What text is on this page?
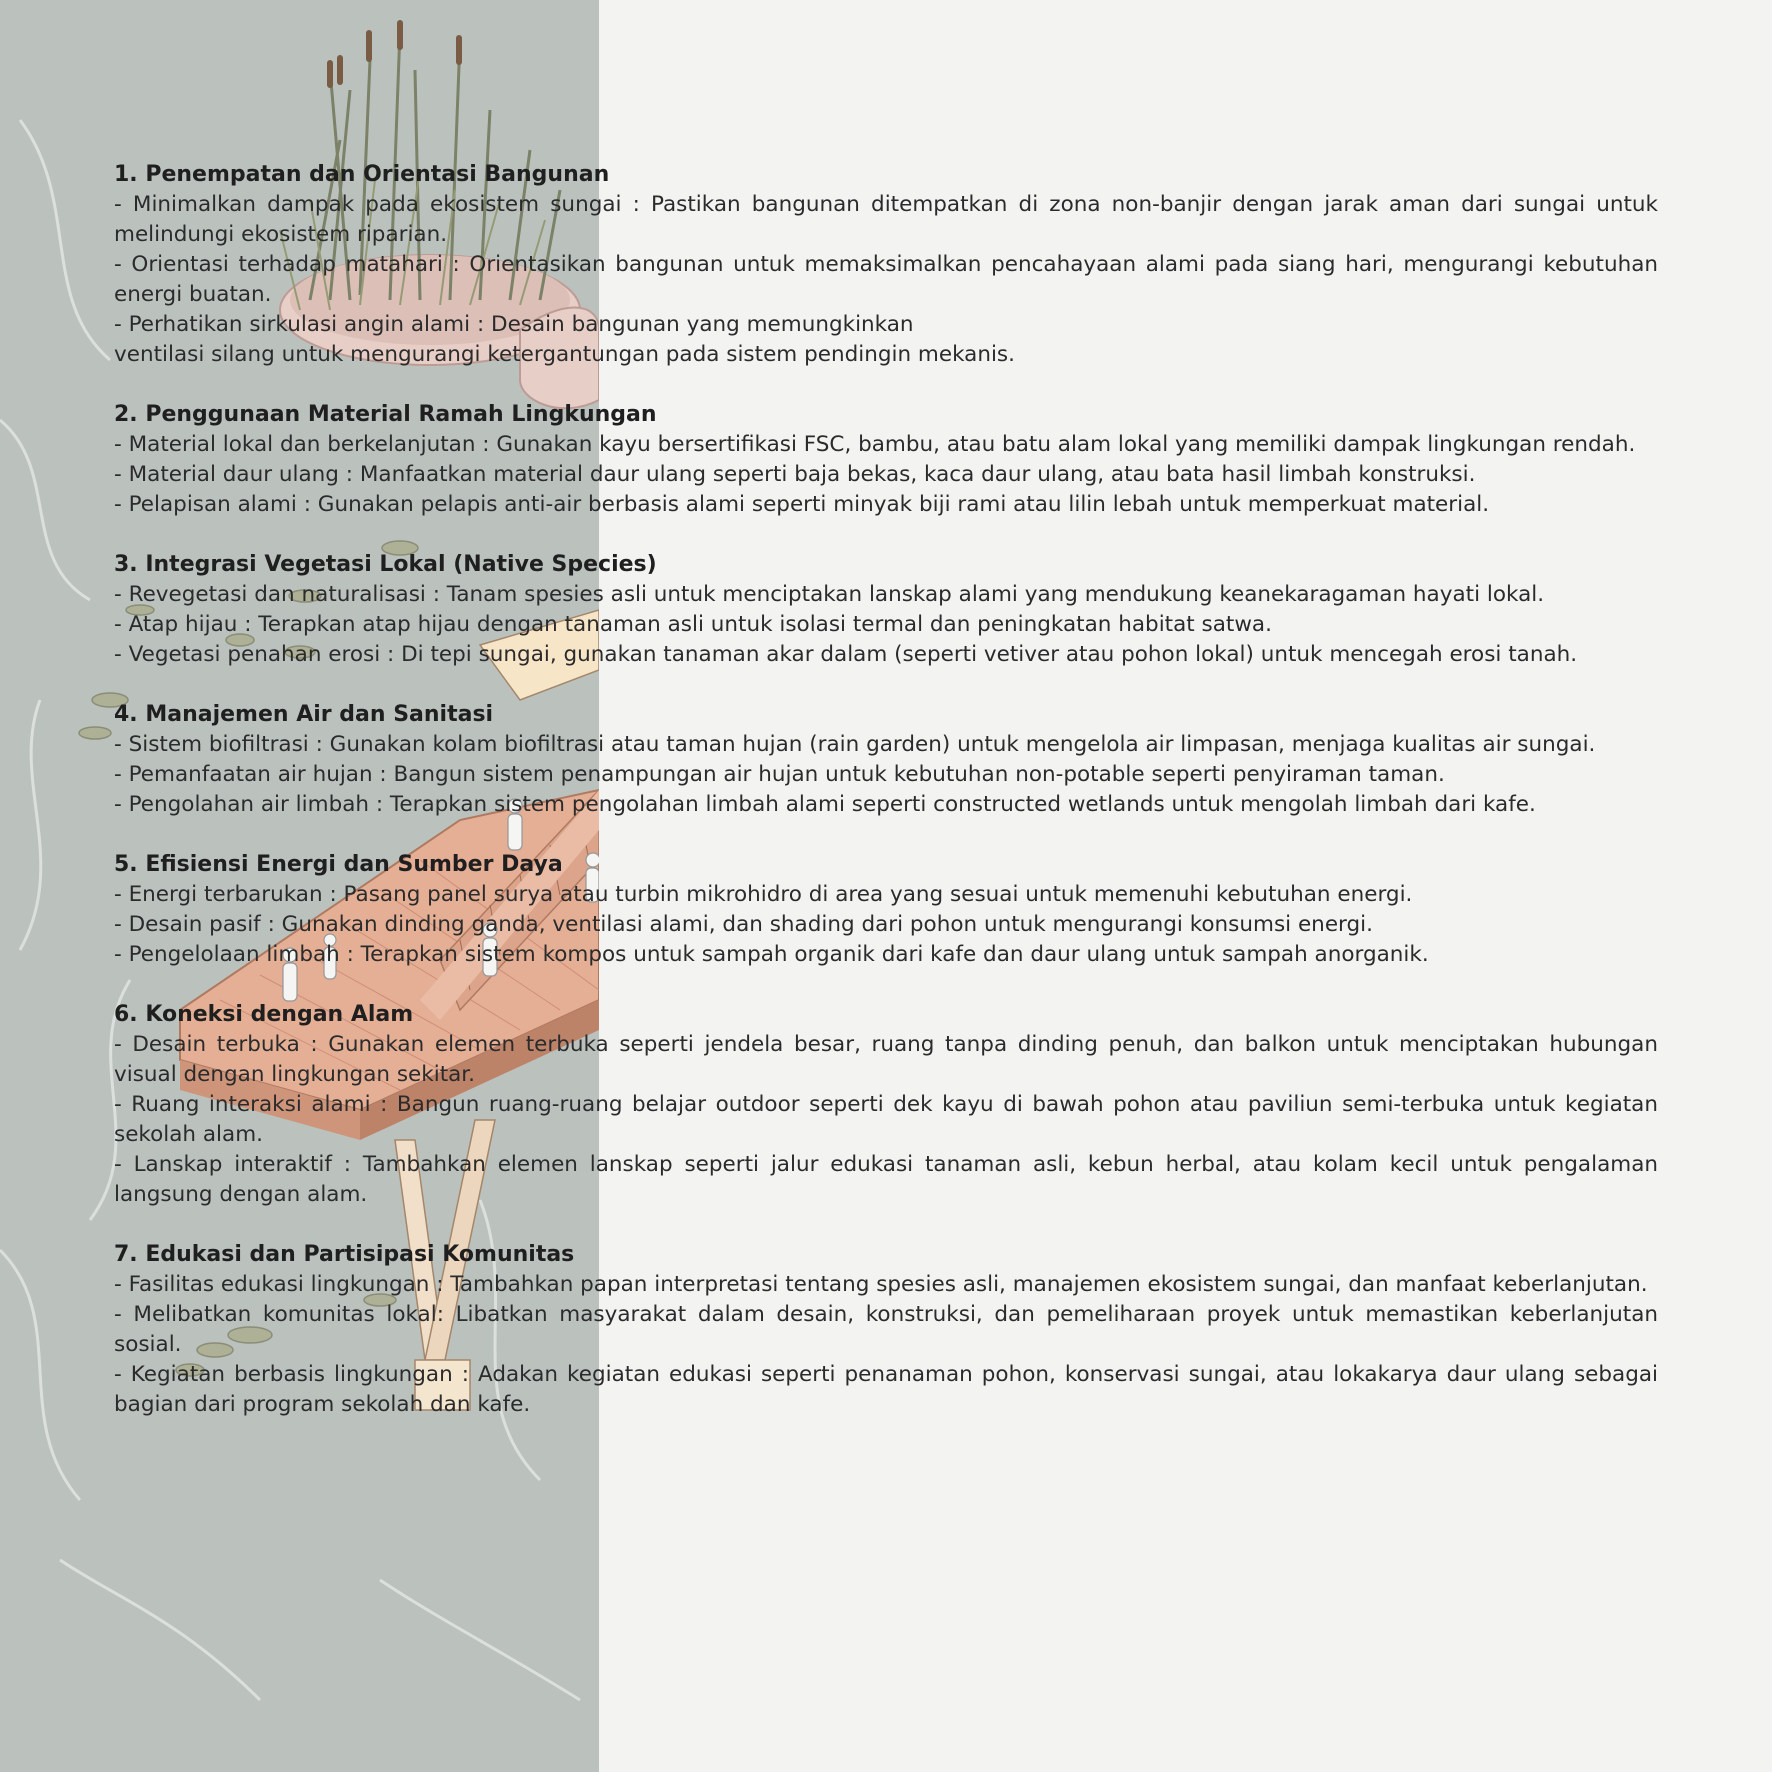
1. Penempatan dan Orientasi Bangunan

- Minimalkan dampak pada ekosistem sungai : Pastikan bangunan ditempatkan di zona non-banjir dengan jarak aman dari sungai untuk melindungi ekosistem riparian.

- Orientasi terhadap matahari : Orientasikan bangunan untuk memaksimalkan pencahayaan alami pada siang hari, mengurangi kebutuhan energi buatan.

- Perhatikan sirkulasi angin alami : Desain bangunan yang memungkinkan

ventilasi silang untuk mengurangi ketergantungan pada sistem pendingin mekanis.

2. Penggunaan Material Ramah Lingkungan

- Material lokal dan berkelanjutan : Gunakan kayu bersertifikasi FSC, bambu, atau batu alam lokal yang memiliki dampak lingkungan rendah.

- Material daur ulang : Manfaatkan material daur ulang seperti baja bekas, kaca daur ulang, atau bata hasil limbah konstruksi.

- Pelapisan alami : Gunakan pelapis anti-air berbasis alami seperti minyak biji rami atau lilin lebah untuk memperkuat material.

3. Integrasi Vegetasi Lokal (Native Species)

- Revegetasi dan naturalisasi : Tanam spesies asli untuk menciptakan lanskap alami yang mendukung keanekaragaman hayati lokal.

- Atap hijau : Terapkan atap hijau dengan tanaman asli untuk isolasi termal dan peningkatan habitat satwa.

- Vegetasi penahan erosi : Di tepi sungai, gunakan tanaman akar dalam (seperti vetiver atau pohon lokal) untuk mencegah erosi tanah.

4. Manajemen Air dan Sanitasi

- Sistem biofiltrasi : Gunakan kolam biofiltrasi atau taman hujan (rain garden) untuk mengelola air limpasan, menjaga kualitas air sungai.

- Pemanfaatan air hujan : Bangun sistem penampungan air hujan untuk kebutuhan non-potable seperti penyiraman taman.

- Pengolahan air limbah : Terapkan sistem pengolahan limbah alami seperti constructed wetlands untuk mengolah limbah dari kafe.

5. Efisiensi Energi dan Sumber Daya

- Energi terbarukan : Pasang panel surya atau turbin mikrohidro di area yang sesuai untuk memenuhi kebutuhan energi.

- Desain pasif : Gunakan dinding ganda, ventilasi alami, dan shading dari pohon untuk mengurangi konsumsi energi.

- Pengelolaan limbah : Terapkan sistem kompos untuk sampah organik dari kafe dan daur ulang untuk sampah anorganik.

6. Koneksi dengan Alam

- Desain terbuka : Gunakan elemen terbuka seperti jendela besar, ruang tanpa dinding penuh, dan balkon untuk menciptakan hubungan visual dengan lingkungan sekitar.

- Ruang interaksi alami : Bangun ruang-ruang belajar outdoor seperti dek kayu di bawah pohon atau paviliun semi-terbuka untuk kegiatan sekolah alam.

- Lanskap interaktif : Tambahkan elemen lanskap seperti jalur edukasi tanaman asli, kebun herbal, atau kolam kecil untuk pengalaman langsung dengan alam.

7. Edukasi dan Partisipasi Komunitas

- Fasilitas edukasi lingkungan : Tambahkan papan interpretasi tentang spesies asli, manajemen ekosistem sungai, dan manfaat keberlanjutan.

- Melibatkan komunitas lokal: Libatkan masyarakat dalam desain, konstruksi, dan pemeliharaan proyek untuk memastikan keberlanjutan sosial.

- Kegiatan berbasis lingkungan : Adakan kegiatan edukasi seperti penanaman pohon, konservasi sungai, atau lokakarya daur ulang sebagai bagian dari program sekolah dan kafe.
